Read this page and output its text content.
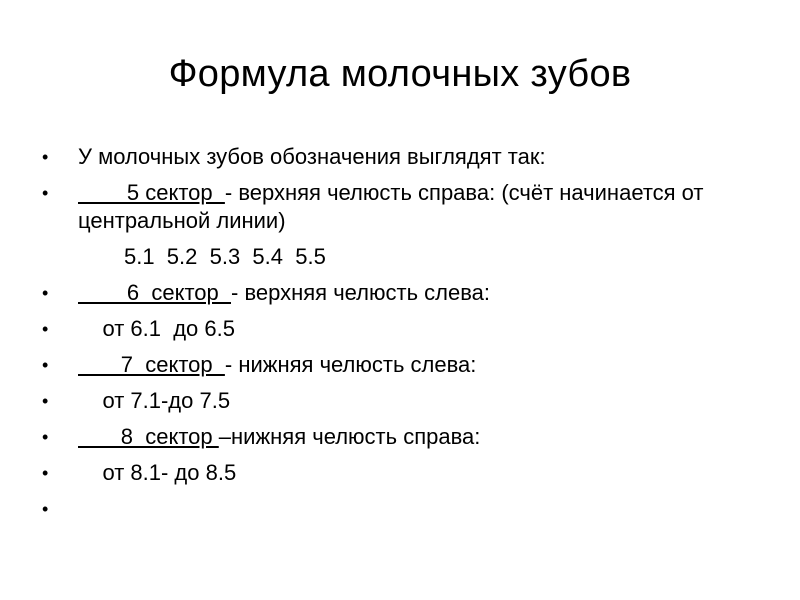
Формула молочных зубов
•	У молочных зубов обозначения выглядят так:
•	5 сектор  - верхняя челюсть справа: (счёт начинается от центральной линии)
5.1  5.2  5.3  5.4  5.5
•	6  сектор  - верхняя челюсть слева:
•	от 6.1  до 6.5
•	7  сектор  - нижняя челюсть слева:
•	от 7.1-до 7.5
•	8  сектор –нижняя челюсть справа:
•	от 8.1- до 8.5
•
